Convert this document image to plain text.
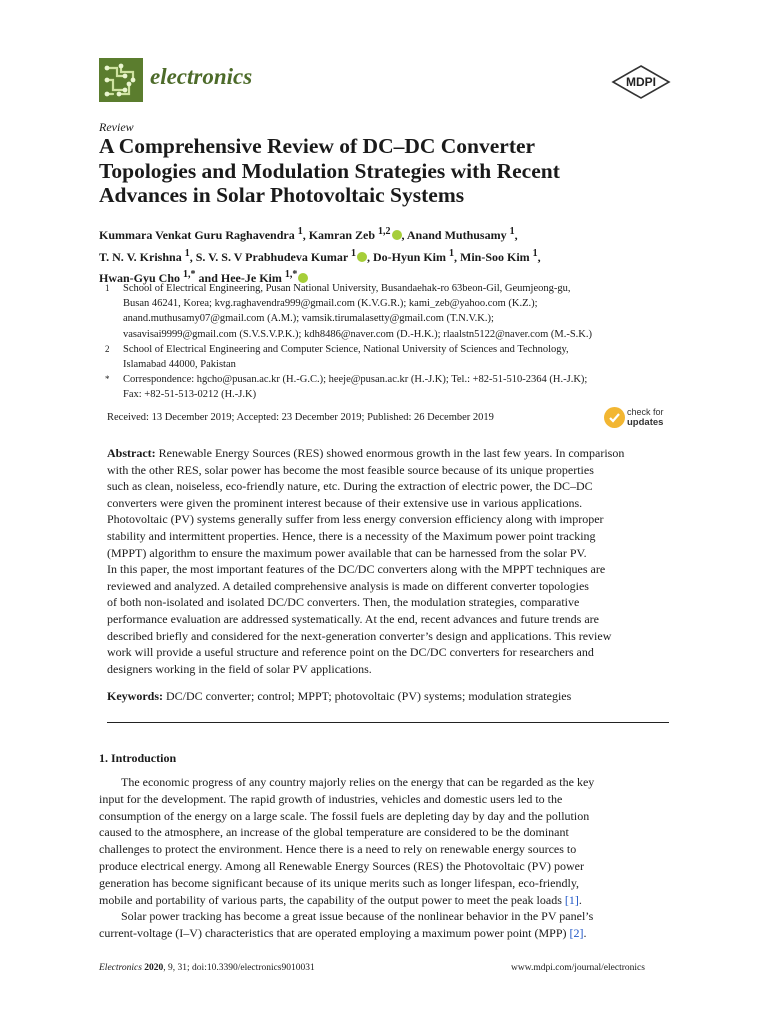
electronics	MDPI
Review
A Comprehensive Review of DC–DC Converter
Topologies and Modulation Strategies with Recent
Advances in Solar Photovoltaic Systems
Kummara Venkat Guru Raghavendra $^1$, Kamran Zeb $^{1,2}$ , Anand Muthusamy $^1$,
T. N. V. Krishna $^1$, S. V. S. V Prabhudeva Kumar $^1$ , Do-Hyun Kim $^1$, Min-Soo Kim $^1$,
Hwan-Gyu Cho $^{1,*}$ and Hee-Je Kim $^{1,*}$
1 School of Electrical Engineering, Pusan National University, Busandaehak-ro 63beon-Gil, Geumjeong-gu,
Busan 46241, Korea; kvg.raghavendra999@gmail.com (K.V.G.R.); kami_zeb@yahoo.com (K.Z.);
anand.muthusamy07@gmail.com (A.M.); vamsik.tirumalasetty@gmail.com (T.N.V.K.);
vasavisai9999@gmail.com (S.V.S.V.P.K.); kdh8486@naver.com (D.-H.K.); rlaalstn5122@naver.com (M.-S.K.)
2 School of Electrical Engineering and Computer Science, National University of Sciences and Technology,
Islamabad 44000, Pakistan
* Correspondence: hgcho@pusan.ac.kr (H.-G.C.); heeje@pusan.ac.kr (H.-J.K); Tel.: +82-51-510-2364 (H.-J.K);
Fax: +82-51-513-0212 (H.-J.K)
Received: 13 December 2019; Accepted: 23 December 2019; Published: 26 December 2019	check for
updates
Abstract: Renewable Energy Sources (RES) showed enormous growth in the last few years. In comparison
with the other RES, solar power has become the most feasible source because of its unique properties
such as clean, noiseless, eco-friendly nature, etc. During the extraction of electric power, the DC–DC
converters were given the prominent interest because of their extensive use in various applications.
Photovoltaic (PV) systems generally suffer from less energy conversion efficiency along with improper
stability and intermittent properties. Hence, there is a necessity of the Maximum power point tracking
(MPPT) algorithm to ensure the maximum power available that can be harnessed from the solar PV.
In this paper, the most important features of the DC/DC converters along with the MPPT techniques are
reviewed and analyzed. A detailed comprehensive analysis is made on different converter topologies
of both non-isolated and isolated DC/DC converters. Then, the modulation strategies, comparative
performance evaluation are addressed systematically. At the end, recent advances and future trends are
described briefly and considered for the next-generation converter’s design and applications. This review
work will provide a useful structure and reference point on the DC/DC converters for researchers and
designers working in the field of solar PV applications.
Keywords: DC/DC converter; control; MPPT; photovoltaic (PV) systems; modulation strategies
1. Introduction
The economic progress of any country majorly relies on the energy that can be regarded as the key
input for the development. The rapid growth of industries, vehicles and domestic users led to the
consumption of the energy on a large scale. The fossil fuels are depleting day by day and the pollution
caused to the atmosphere, an increase of the global temperature are considered to be the dominant
challenges to protect the environment. Hence there is a need to rely on renewable energy sources to
produce electrical energy. Among all Renewable Energy Sources (RES) the Photovoltaic (PV) power
generation has become significant because of its unique merits such as longer lifespan, eco-friendly,
mobile and portability of various parts, the capability of the output power to meet the peak loads [1].
Solar power tracking has become a great issue because of the nonlinear behavior in the PV panel’s
current-voltage (I–V) characteristics that are operated employing a maximum power point (MPP) [2].
Electronics 2020, 9, 31; doi:10.3390/electronics9010031	www.mdpi.com/journal/electronics
